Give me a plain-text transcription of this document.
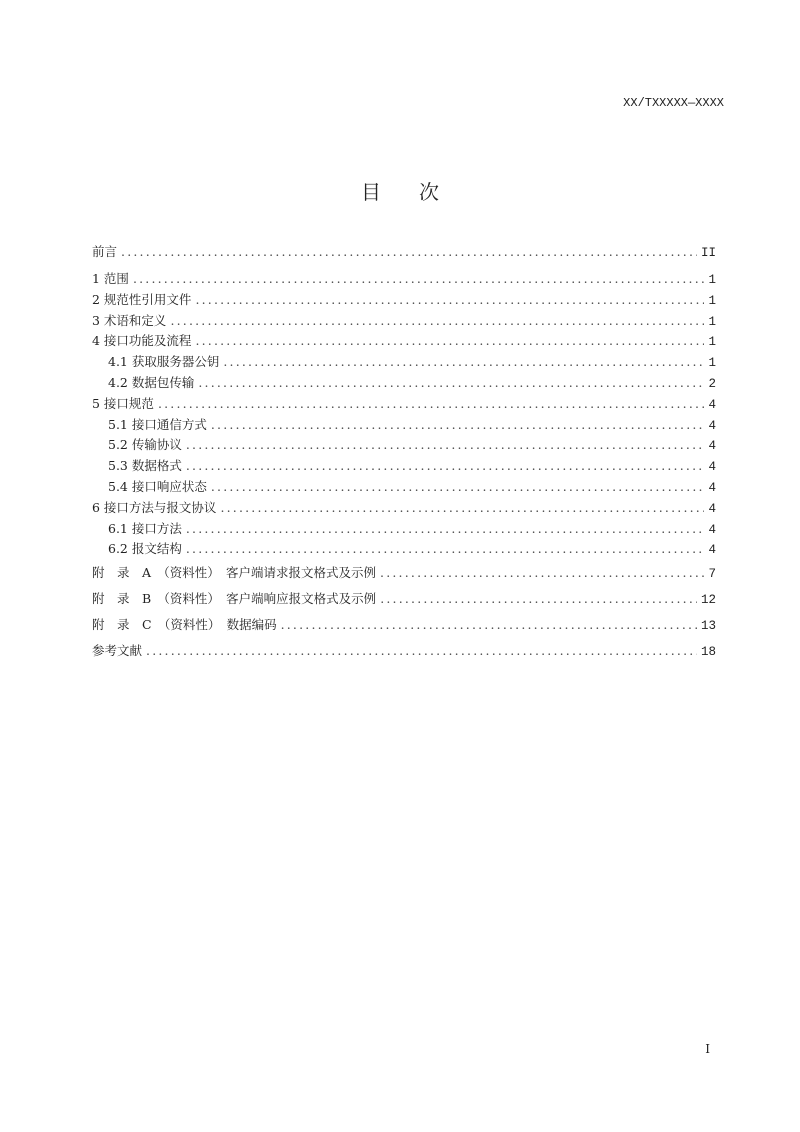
XX/TXXXXX—XXXX
目次
前言 .....	II
1 范围 .....	1
2 规范性引用文件 .....	1
3 术语和定义 .....	1
4 接口功能及流程 .....	1
4.1 获取服务器公钥 .....	1
4.2 数据包传输 .....	2
5 接口规范 .....	4
5.1 接口通信方式 .....	4
5.2 传输协议 .....	4
5.3 数据格式 .....	4
5.4 接口响应状态 .....	4
6 接口方法与报文协议 .....	4
6.1 接口方法 .....	4
6.2 报文结构 .....	4
附　录　A　（资料性）　客户端请求报文格式及示例 .....	7
附　录　B　（资料性）　客户端响应报文格式及示例 .....	12
附　录　C　（资料性）　数据编码 .....	13
参考文献 .....	18
I
